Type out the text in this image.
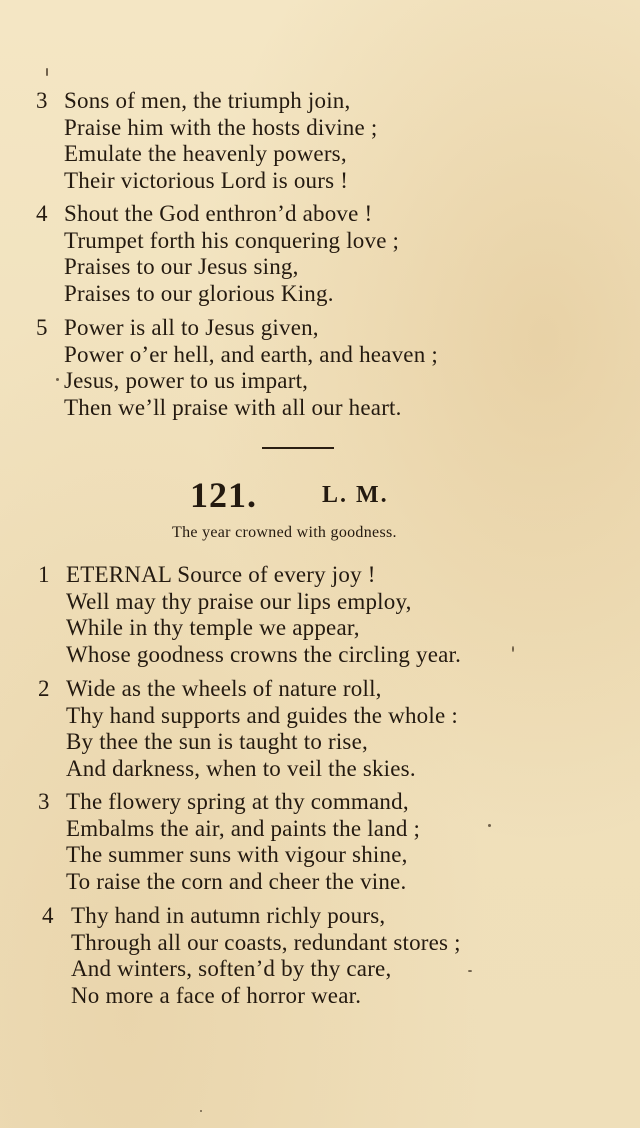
3 Sons of men, the triumph join,
Praise him with the hosts divine ;
Emulate the heavenly powers,
Their victorious Lord is ours !
4 Shout the God enthron’d above !
Trumpet forth his conquering love ;
Praises to our Jesus sing,
Praises to our glorious King.
5 Power is all to Jesus given,
Power o’er hell, and earth, and heaven ;
Jesus, power to us impart,
Then we’ll praise with all our heart.
121.	L. M.
The year crowned with goodness.
1 ETERNAL Source of every joy !
Well may thy praise our lips employ,
While in thy temple we appear,
Whose goodness crowns the circling year.
2 Wide as the wheels of nature roll,
Thy hand supports and guides the whole :
By thee the sun is taught to rise,
And darkness, when to veil the skies.
3 The flowery spring at thy command,
Embalms the air, and paints the land ;
The summer suns with vigour shine,
To raise the corn and cheer the vine.
4 Thy hand in autumn richly pours,
Through all our coasts, redundant stores ;
And winters, soften’d by thy care,
No more a face of horror wear.
